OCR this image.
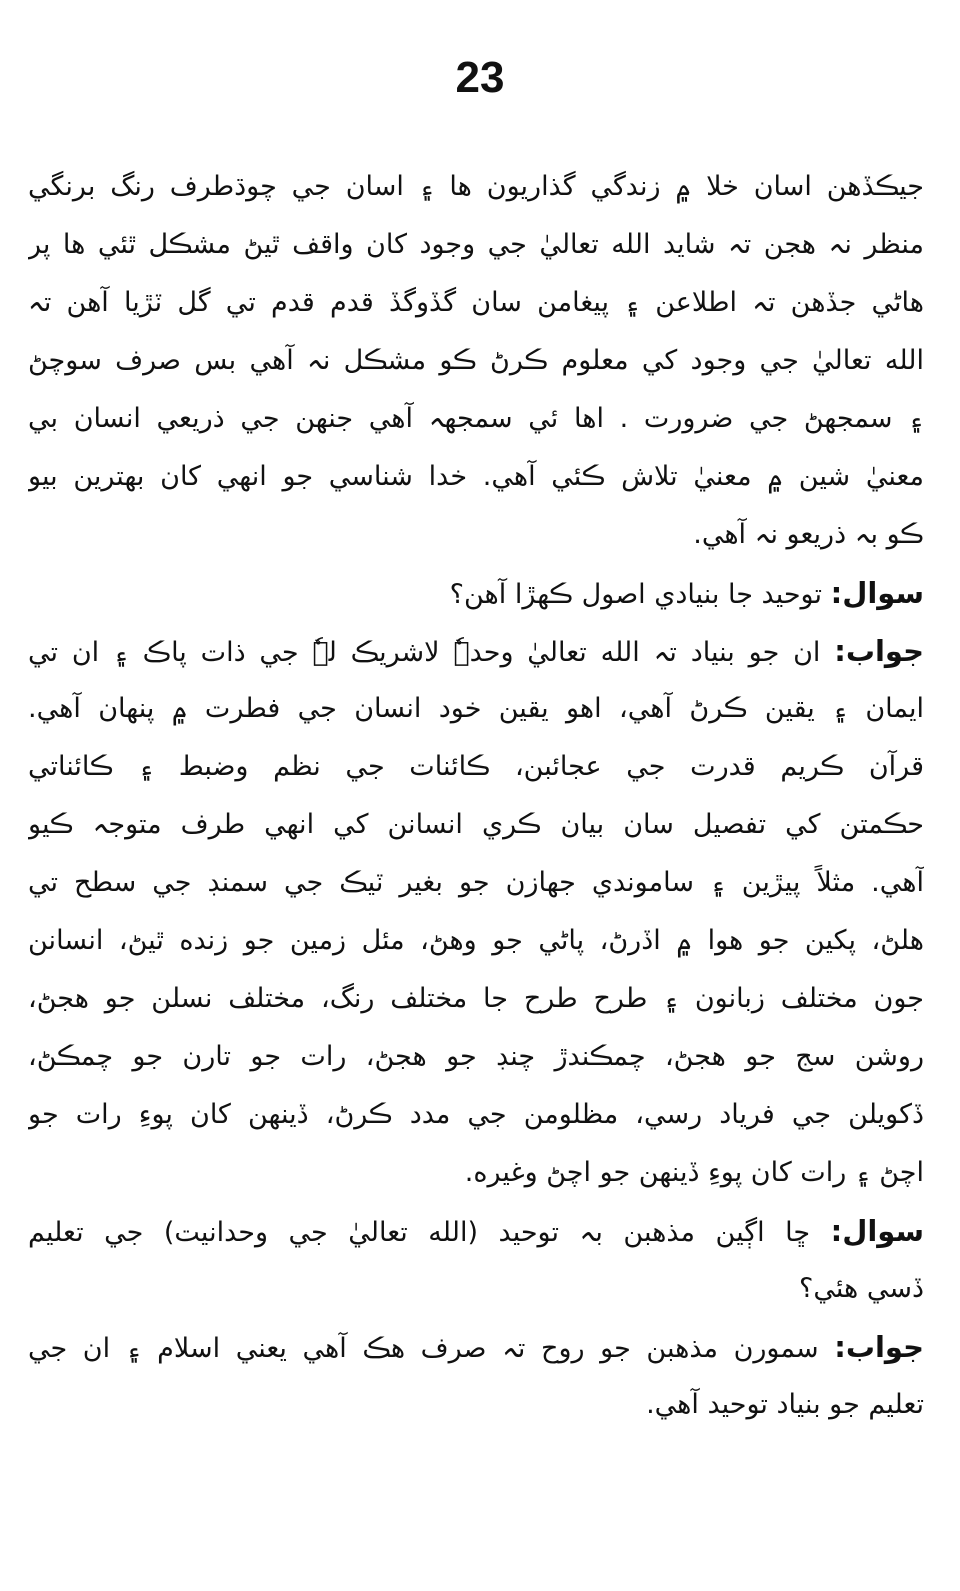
23
جيڪڏهن اسان خلا ۾ زندگي گذاريون ها ۽ اسان جي چوڌطرف رنگ برنگي
منظر نہ هجن تہ شايد الله تعاليٰ جي وجود کان واقف ٿيڻ مشڪل ٿئي ها پر
هاڻي جڏهن تہ اطلاعن ۽ پيغامن سان گڏوگڏ قدم قدم تي گل ٽڙيا آهن تہ
الله تعاليٰ جي وجود کي معلوم ڪرڻ ڪو مشڪل نہ آهي بس صرف سوچڻ
۽ سمجهڻ جي ضرورت . اها ئي سمجهہ آهي جنهن جي ذريعي انسان بي
معنيٰ شين ۾ معنيٰ تلاش ڪئي آهي. خدا شناسي جو انهي کان بهترين بيو
ڪو بہ ذريعو نہ آهي.
سوال: توحيد جا بنيادي اصول ڪهڙا آهن؟
جواب: ان جو بنياد تہ الله تعاليٰ وحدہٗ لاشريڪ لہٗ جي ذات پاڪ ۽ ان تي
ايمان ۽ يقين ڪرڻ آهي، اهو يقين خود انسان جي فطرت ۾ پنهان آهي.
قرآن ڪريم قدرت جي عجائبن، ڪائنات جي نظم وضبط ۽ ڪائناتي
حڪمتن کي تفصيل سان بيان ڪري انسانن کي انهي طرف متوجہ ڪيو
آهي. مثلاً پيڙين ۽ ساموندي جهازن جو بغير ٽيڪ جي سمنڊ جي سطح تي
هلڻ، پکين جو هوا ۾ اڏرڻ، پاڻي جو وهڻ، مئل زمين جو زنده ٿيڻ، انسانن
جون مختلف زبانون ۽ طرح طرح جا مختلف رنگ، مختلف نسلن جو هجڻ،
روشن سج جو هجڻ، چمڪندڙ چنڊ جو هجڻ، رات جو تارن جو چمڪڻ،
ڏکويلن جي فرياد رسي، مظلومن جي مدد ڪرڻ، ڏينهن کان پوءِ رات جو
اچڻ ۽ رات کان پوءِ ڏينهن جو اچڻ وغيره.
سوال: ڇا اڳين مذهبن بہ توحيد (الله تعاليٰ جي وحدانيت) جي تعليم
ڏسي هئي؟
جواب: سمورن مذهبن جو روح تہ صرف هڪ آهي يعني اسلام ۽ ان جي
تعليم جو بنياد توحيد آهي.
